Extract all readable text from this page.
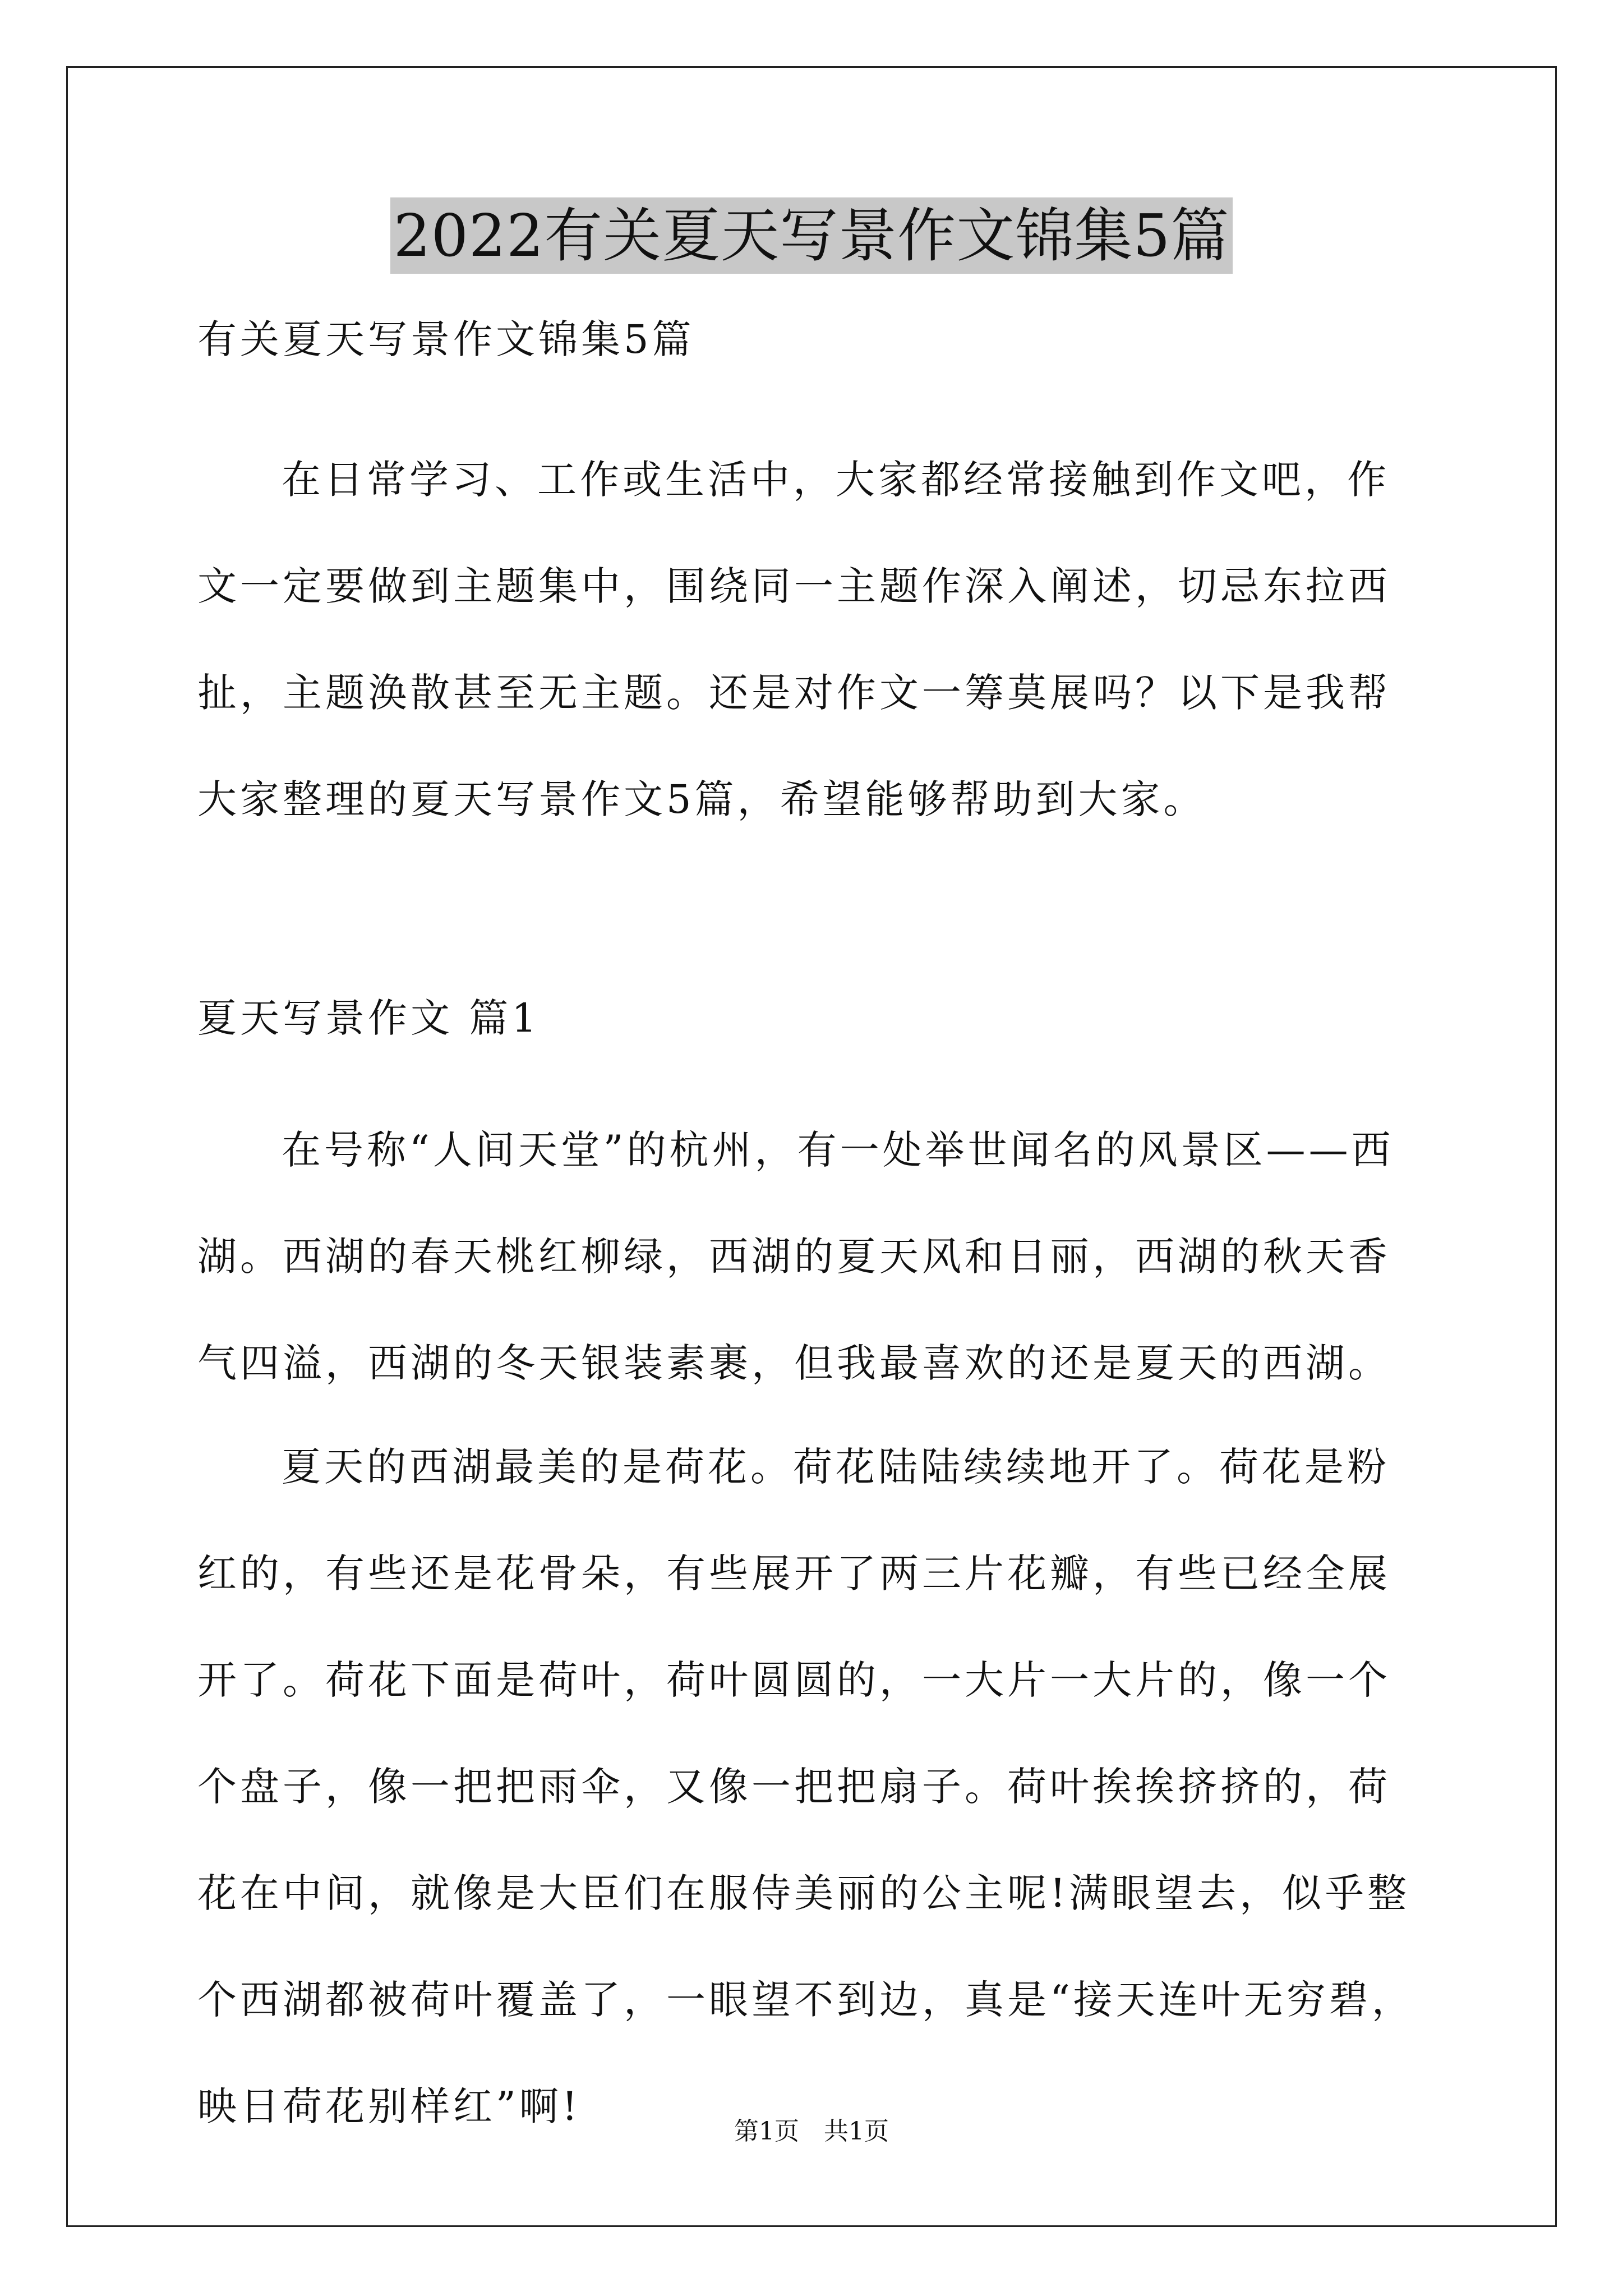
2022有关夏天写景作文锦集5篇
有关夏天写景作文锦集5篇

在日常学习、工作或生活中，大家都经常接触到作文吧，作文一定要做到主题集中，围绕同一主题作深入阐述，切忌东拉西扯，主题涣散甚至无主题。还是对作文一筹莫展吗？以下是我帮大家整理的夏天写景作文5篇，希望能够帮助到大家。

夏天写景作文 篇1

在号称“人间天堂”的杭州，有一处举世闻名的风景区——西湖。西湖的春天桃红柳绿，西湖的夏天风和日丽，西湖的秋天香气四溢，西湖的冬天银装素裹，但我最喜欢的还是夏天的西湖。

夏天的西湖最美的是荷花。荷花陆陆续续地开了。荷花是粉红的，有些还是花骨朵，有些展开了两三片花瓣，有些已经全展开了。荷花下面是荷叶，荷叶圆圆的，一大片一大片的，像一个个盘子，像一把把雨伞，又像一把把扇子。荷叶挨挨挤挤的，荷花在中间，就像是大臣们在服侍美丽的公主呢!满眼望去，似乎整个西湖都被荷叶覆盖了，一眼望不到边，真是“接天连叶无穷碧，映日荷花别样红”啊!

第1页　共1页
